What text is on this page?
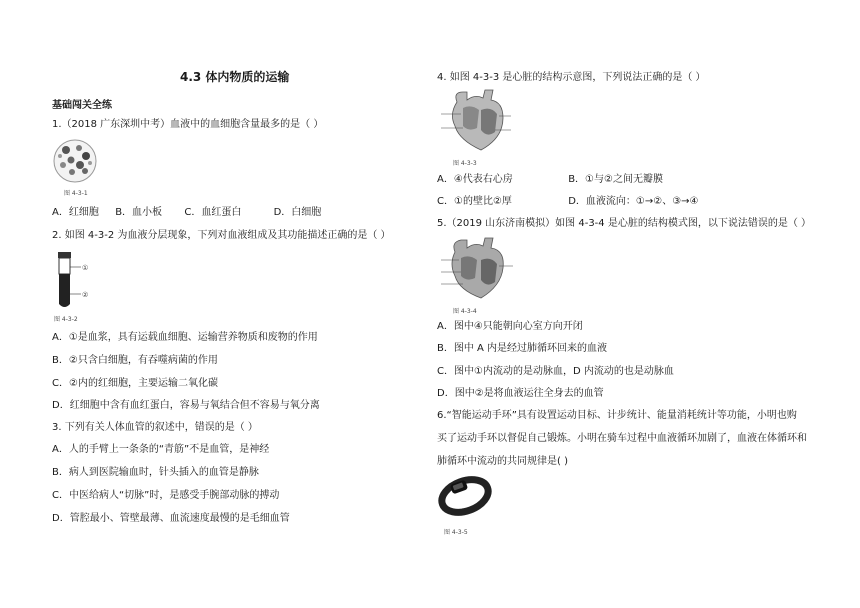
4.3 体内物质的运输
基础闯关全练
1.（2018 广东深圳中考）血液中的血细胞含量最多的是（ ）
图 4-3-1
A．红细胞 B．血小板 C．血红蛋白	D．白细胞
2. 如图 4-3-2 为血液分层现象，下列对血液组成及其功能描述正确的是（ ）
①
②
图 4-3-2
A．①是血浆，具有运载血细胞、运输营养物质和废物的作用
B．②只含白细胞，有吞噬病菌的作用
C．②内的红细胞，主要运输二氧化碳
D．红细胞中含有血红蛋白，容易与氧结合但不容易与氧分离
3. 下列有关人体血管的叙述中，错误的是（ ）
A．人的手臂上一条条的“青筋”不是血管，是神经
B．病人到医院输血时，针头插入的血管是静脉
C．中医给病人“切脉”时，是感受手腕部动脉的搏动
D．管腔最小、管壁最薄、血流速度最慢的是毛细血管
4. 如图 4-3-3 是心脏的结构示意图，下列说法正确的是（ ）
图 4-3-3
A．④代表右心房	B．①与②之间无瓣膜
C．①的壁比②厚	D．血液流向：①→②、③→④
5.（2019 山东济南模拟）如图 4-3-4 是心脏的结构模式图，以下说法错误的是（ ）
图 4-3-4
A．图中④只能朝向心室方向开闭
B．图中 A 内是经过肺循环回来的血液
C．图中①内流动的是动脉血，D 内流动的也是动脉血
D．图中②是将血液运往全身去的血管
6.“智能运动手环”具有设置运动目标、计步统计、能量消耗统计等功能，小明也购
买了运动手环以督促自己锻炼。小明在骑车过程中血液循环加剧了，血液在体循环和
肺循环中流动的共同规律是( )
图 4-3-5
